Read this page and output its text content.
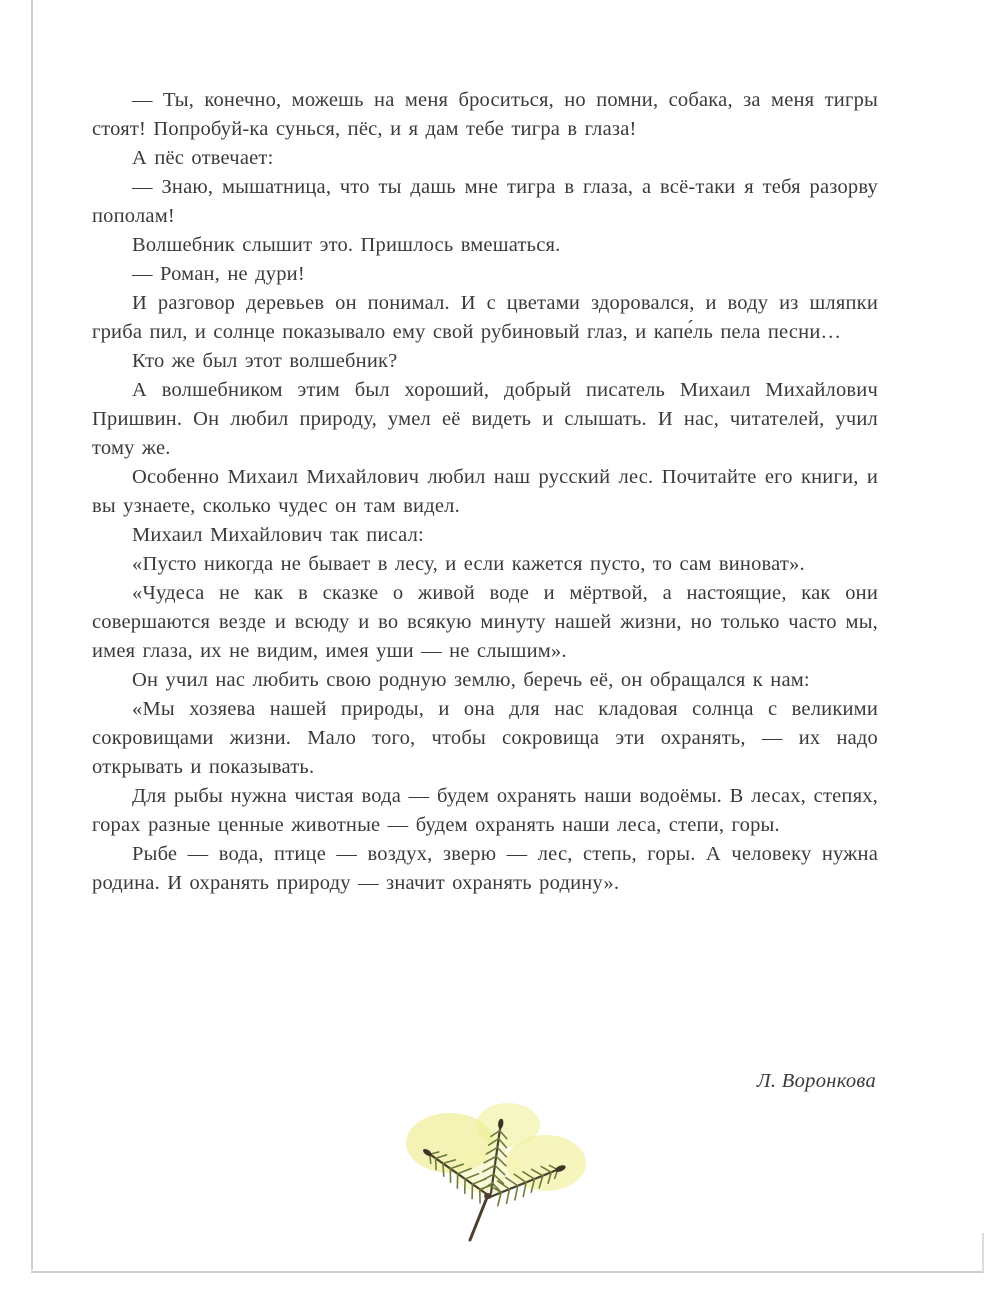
— Ты, конечно, можешь на меня броситься, но помни, собака, за меня тигры стоят! Попробуй-ка сунься, пёс, и я дам тебе тигра в глаза!

А пёс отвечает:

— Знаю, мышатница, что ты дашь мне тигра в глаза, а всё-таки я тебя разорву пополам!

Волшебник слышит это. Пришлось вмешаться.

— Роман, не дури!

И разговор деревьев он понимал. И с цветами здоровался, и воду из шляпки гриба пил, и солнце показывало ему свой рубиновый глаз, и капе́ль пела песни…

Кто же был этот волшебник?

А волшебником этим был хороший, добрый писатель Михаил Михайлович Пришвин. Он любил природу, умел её видеть и слышать. И нас, читателей, учил тому же.

Особенно Михаил Михайлович любил наш русский лес. Почитайте его книги, и вы узнаете, сколько чудес он там видел.

Михаил Михайлович так писал:

«Пусто никогда не бывает в лесу, и если кажется пусто, то сам виноват».

«Чудеса не как в сказке о живой воде и мёртвой, а настоящие, как они совершаются везде и всюду и во всякую минуту нашей жизни, но только часто мы, имея глаза, их не видим, имея уши — не слышим».

Он учил нас любить свою родную землю, беречь её, он обращался к нам:

«Мы хозяева нашей природы, и она для нас кладовая солнца с великими сокровищами жизни. Мало того, чтобы сокровища эти охранять, — их надо открывать и показывать.

Для рыбы нужна чистая вода — будем охранять наши водоёмы. В лесах, степях, горах разные ценные животные — будем охранять наши леса, степи, горы.

Рыбе — вода, птице — воздух, зверю — лес, степь, горы. А человеку нужна родина. И охранять природу — значит охранять родину».

Л. Воронкова
